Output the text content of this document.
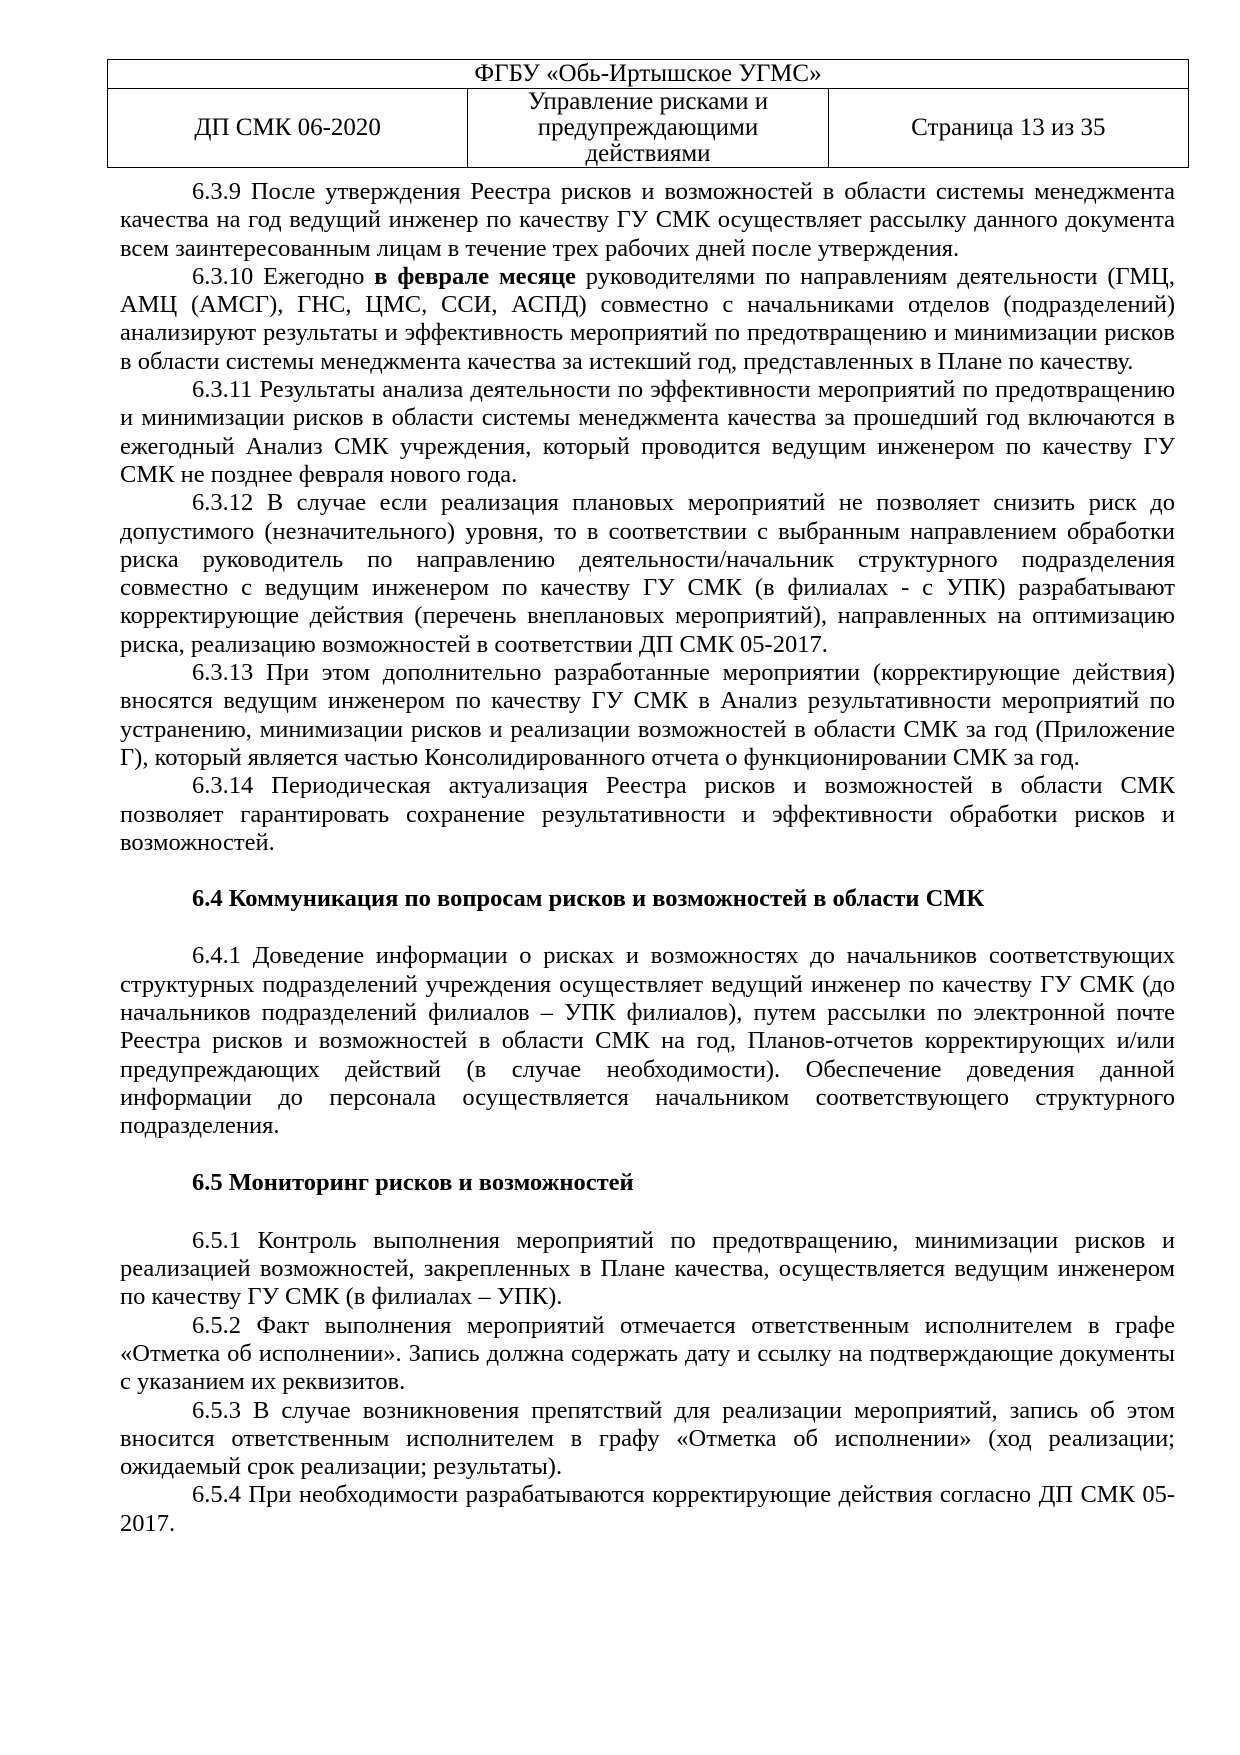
ФГБУ «Обь-Иртышское УГМС»
ДП СМК 06-2020	Управление рисками и предупреждающими действиями	Страница 13 из 35

6.3.9 После утверждения Реестра рисков и возможностей в области системы менеджмента качества на год ведущий инженер по качеству ГУ СМК осуществляет рассылку данного документа всем заинтересованным лицам в течение трех рабочих дней после утверждения.

6.3.10 Ежегодно в феврале месяце руководителями по направлениям деятельности (ГМЦ, АМЦ (АМСГ), ГНС, ЦМС, ССИ, АСПД) совместно с начальниками отделов (подразделений) анализируют результаты и эффективность мероприятий по предотвращению и минимизации рисков в области системы менеджмента качества за истекший год, представленных в Плане по качеству.

6.3.11 Результаты анализа деятельности по эффективности мероприятий по предотвращению и минимизации рисков в области системы менеджмента качества за прошедший год включаются в ежегодный Анализ СМК учреждения, который проводится ведущим инженером по качеству ГУ СМК не позднее февраля нового года.

6.3.12 В случае если реализация плановых мероприятий не позволяет снизить риск до допустимого (незначительного) уровня, то в соответствии с выбранным направлением обработки риска руководитель по направлению деятельности/начальник структурного подразделения совместно с ведущим инженером по качеству ГУ СМК (в филиалах - с УПК) разрабатывают корректирующие действия (перечень внеплановых мероприятий), направленных на оптимизацию риска, реализацию возможностей в соответствии ДП СМК 05-2017.

6.3.13 При этом дополнительно разработанные мероприятии (корректирующие действия) вносятся ведущим инженером по качеству ГУ СМК в Анализ результативности мероприятий по устранению, минимизации рисков и реализации возможностей в области СМК за год (Приложение Г), который является частью Консолидированного отчета о функционировании СМК за год.

6.3.14 Периодическая актуализация Реестра рисков и возможностей в области СМК позволяет гарантировать сохранение результативности и эффективности обработки рисков и возможностей.

6.4 Коммуникация по вопросам рисков и возможностей в области СМК

6.4.1 Доведение информации о рисках и возможностях до начальников соответствующих структурных подразделений учреждения осуществляет ведущий инженер по качеству ГУ СМК (до начальников подразделений филиалов – УПК филиалов), путем рассылки по электронной почте Реестра рисков и возможностей в области СМК на год, Планов-отчетов корректирующих и/или предупреждающих действий (в случае необходимости). Обеспечение доведения данной информации до персонала осуществляется начальником соответствующего структурного подразделения.

6.5 Мониторинг рисков и возможностей

6.5.1 Контроль выполнения мероприятий по предотвращению, минимизации рисков и реализацией возможностей, закрепленных в Плане качества, осуществляется ведущим инженером по качеству ГУ СМК (в филиалах – УПК).

6.5.2 Факт выполнения мероприятий отмечается ответственным исполнителем в графе «Отметка об исполнении». Запись должна содержать дату и ссылку на подтверждающие документы с указанием их реквизитов.

6.5.3 В случае возникновения препятствий для реализации мероприятий, запись об этом вносится ответственным исполнителем в графу «Отметка об исполнении» (ход реализации; ожидаемый срок реализации; результаты).

6.5.4 При необходимости разрабатываются корректирующие действия согласно ДП СМК 05-2017.
